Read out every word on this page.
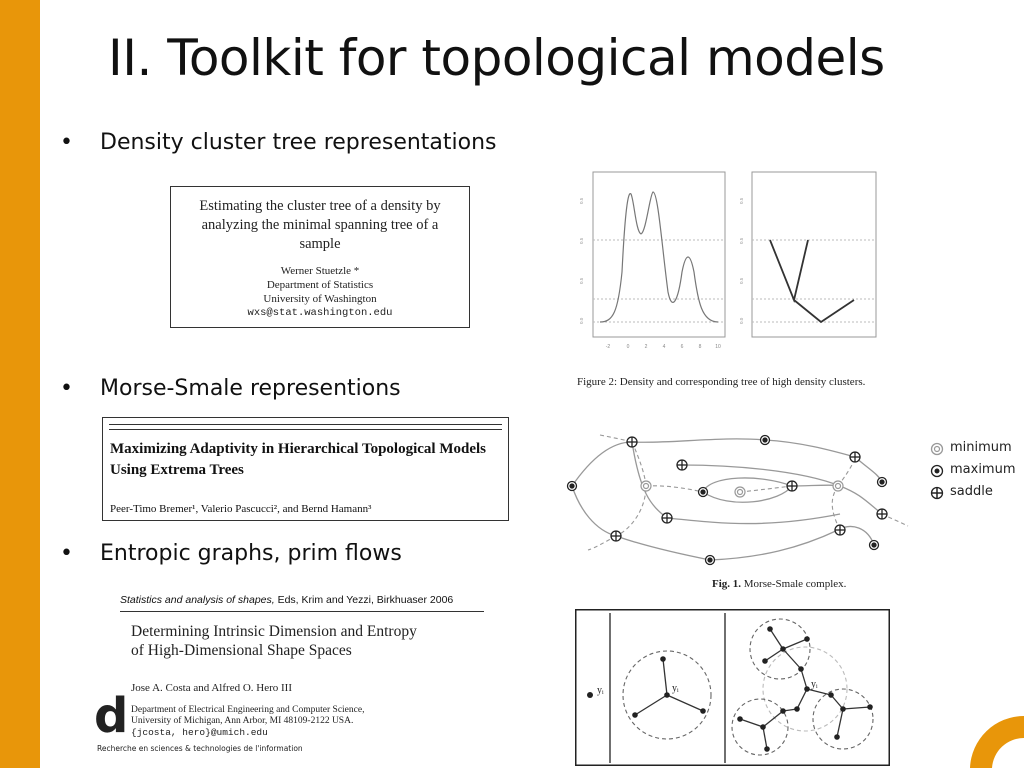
II. Toolkit for topological models
• Density cluster tree representations
• Morse-Smale representions
• Entropic graphs, prim flows
Estimating the cluster tree of a density by analyzing the minimal spanning tree of a sample
Werner Stuetzle *
Department of Statistics
University of Washington
wxs@stat.washington.edu
0.5
0.5
0.5
0.0
-2	0	2	4	6	8	10
0.5
0.5
0.5
0.0
Figure 2: Density and corresponding tree of high density clusters.
Maximizing Adaptivity in Hierarchical Topological Models Using Extrema Trees
Peer-Timo Bremer¹, Valerio Pascucci², and Bernd Hamann³
minimum
maximum
saddle
Fig. 1. Morse-Smale complex.
Statistics and analysis of shapes, Eds, Krim and Yezzi, Birkhuaser 2006
Determining Intrinsic Dimension and Entropy
of High-Dimensional Shape Spaces
Jose A. Costa and Alfred O. Hero III
Department of Electrical Engineering and Computer Science,
University of Michigan, Ann Arbor, MI 48109-2122 USA.
{jcosta, hero}@umich.edu
d
Recherche en sciences & technologies de l'information
yᵢ	yᵢ	yᵢ
